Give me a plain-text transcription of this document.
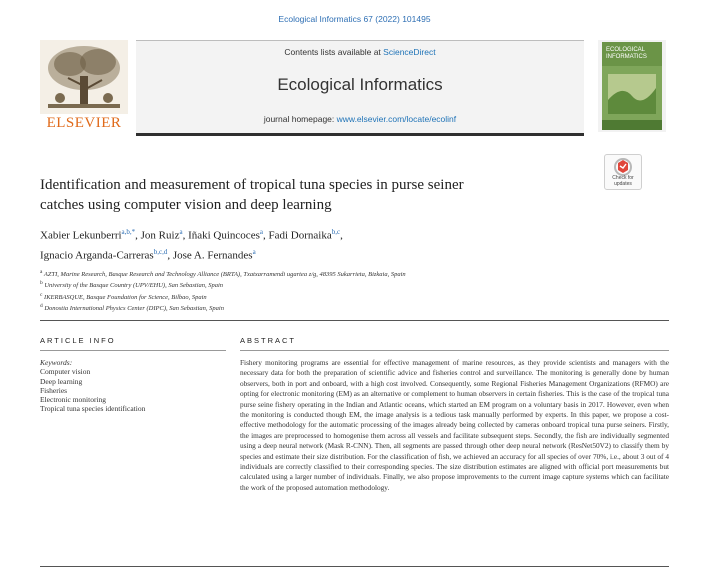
Ecological Informatics 67 (2022) 101495
ELSEVIER
Contents lists available at ScienceDirect
Ecological Informatics
journal homepage: www.elsevier.com/locate/ecolinf
ECOLOGICAL
INFORMATICS
Check for
updates
Identification and measurement of tropical tuna species in purse seiner
catches using computer vision and deep learning
Xabier Lekunberri$^{a,b,*}$, Jon Ruiz$^a$, Iñaki Quincoces$^a$, Fadi Dornaika$^{b,c}$,
Ignacio Arganda-Carreras$^{b,c,d}$, Jose A. Fernandes$^a$
$^a$ AZTI, Marine Research, Basque Research and Technology Alliance (BRTA), Txatxarramendi ugartea z/g, 48395 Sukarrieta, Bizkaia, Spain
$^b$ University of the Basque Country (UPV/EHU), San Sebastian, Spain
$^c$ IKERBASQUE, Basque Foundation for Science, Bilbao, Spain
$^d$ Donostia International Physics Center (DIPC), San Sebastian, Spain
ARTICLE INFO	ABSTRACT
Keywords:
Computer vision
Deep learning
Fisheries
Electronic monitoring
Tropical tuna species identification
Fishery monitoring programs are essential for effective management of marine resources, as they provide scientists and managers with the necessary data for both the preparation of scientific advice and fisheries control and surveillance. The monitoring is generally done by human observers, both in port and onboard, with a high cost involved. Consequently, some Regional Fisheries Management Organizations (RFMO) are opting for electronic monitoring (EM) as an alternative or complement to human observers in certain fisheries. This is the case of the tropical tuna purse seine fishery operating in the Indian and Atlantic oceans, which started an EM program on a voluntary basis in 2017. However, even when the monitoring is conducted though EM, the image analysis is a tedious task manually performed by experts. In this paper, we propose a cost-effective methodology for the automatic processing of the images already being collected by cameras onboard tropical tuna purse seiners. Firstly, the images are preprocessed to homogenise them across all vessels and facilitate subsequent steps. Secondly, the fish are individually segmented using a deep neural network (Mask R-CNN). Then, all segments are passed through other deep neural network (ResNet50V2) to classify them by species and estimate their size distribution. For the classification of fish, we achieved an accuracy for all species of over 70%, i.e., about 3 out of 4 individuals are correctly classified to their corresponding species. The size distribution estimates are aligned with official port measurements but calculated using a larger number of individuals. Finally, we also propose improvements to the current image capture systems which can facilitate the work of the proposed automation methodology.
